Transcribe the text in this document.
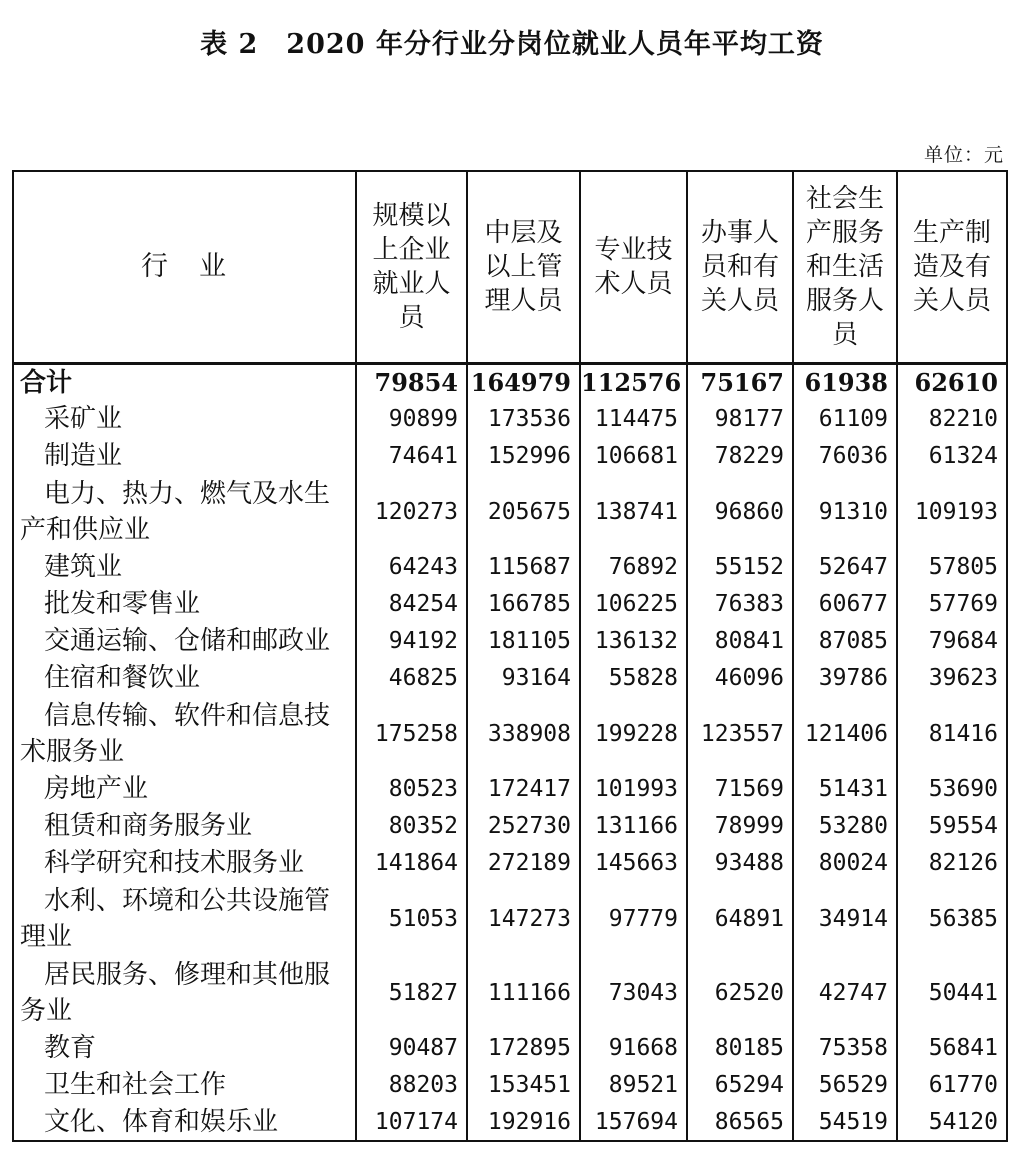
表 2　2020 年分行业分岗位就业人员年平均工资
单位：元
行　业	规模以上企业就业人员	中层及以上管理人员	专业技术人员	办事人员和有关人员	社会生产服务和生活服务人员	生产制造及有关人员
合计	79854	164979	112576	75167	61938	62610
采矿业	90899	173536	114475	98177	61109	82210
制造业	74641	152996	106681	78229	76036	61324
电力、热力、燃气及水生产和供应业	120273	205675	138741	96860	91310	109193
建筑业	64243	115687	76892	55152	52647	57805
批发和零售业	84254	166785	106225	76383	60677	57769
交通运输、仓储和邮政业	94192	181105	136132	80841	87085	79684
住宿和餐饮业	46825	93164	55828	46096	39786	39623
信息传输、软件和信息技术服务业	175258	338908	199228	123557	121406	81416
房地产业	80523	172417	101993	71569	51431	53690
租赁和商务服务业	80352	252730	131166	78999	53280	59554
科学研究和技术服务业	141864	272189	145663	93488	80024	82126
水利、环境和公共设施管理业	51053	147273	97779	64891	34914	56385
居民服务、修理和其他服务业	51827	111166	73043	62520	42747	50441
教育	90487	172895	91668	80185	75358	56841
卫生和社会工作	88203	153451	89521	65294	56529	61770
文化、体育和娱乐业	107174	192916	157694	86565	54519	54120
